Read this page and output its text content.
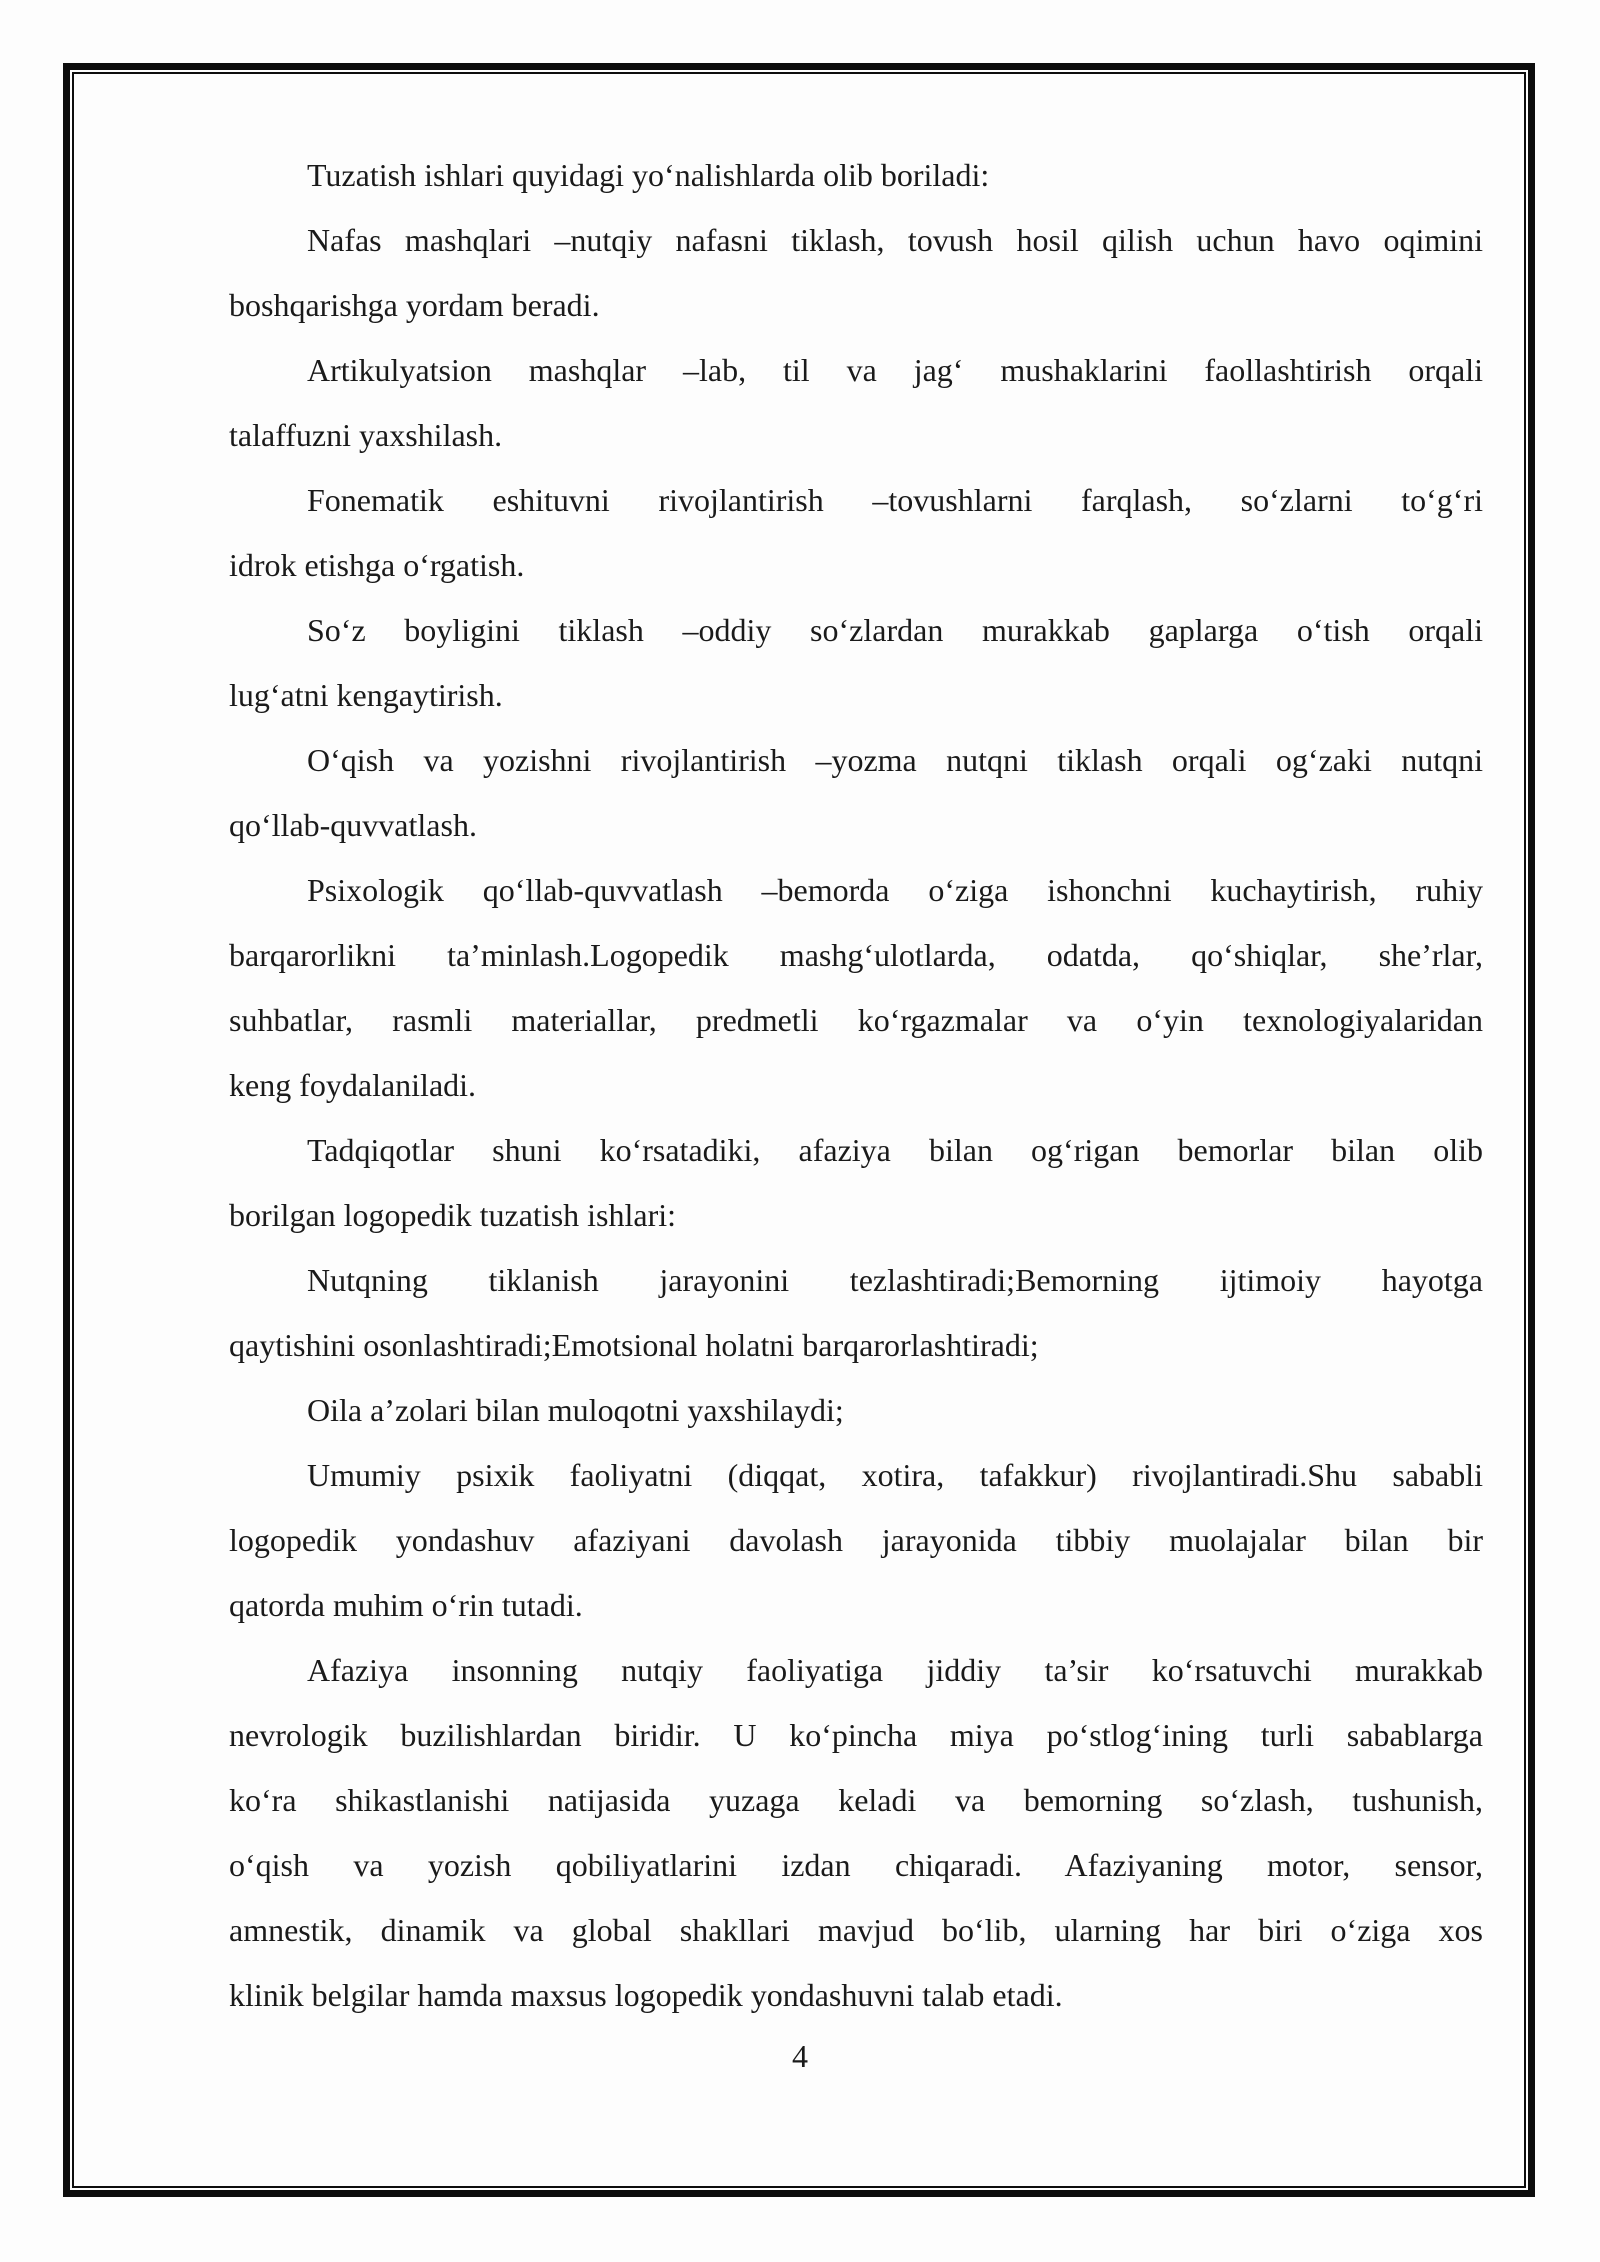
Tuzatish ishlari quyidagi yo‘nalishlarda olib boriladi:
Nafas mashqlari –nutqiy nafasni tiklash, tovush hosil qilish uchun havo oqimini
boshqarishga yordam beradi.
Artikulyatsion mashqlar –lab, til va jag‘ mushaklarini faollashtirish orqali
talaffuzni yaxshilash.
Fonematik eshituvni rivojlantirish –tovushlarni farqlash, so‘zlarni to‘g‘ri
idrok etishga o‘rgatish.
So‘z boyligini tiklash –oddiy so‘zlardan murakkab gaplarga o‘tish orqali
lug‘atni kengaytirish.
O‘qish va yozishni rivojlantirish –yozma nutqni tiklash orqali og‘zaki nutqni
qo‘llab-quvvatlash.
Psixologik qo‘llab-quvvatlash –bemorda o‘ziga ishonchni kuchaytirish, ruhiy
barqarorlikni ta’minlash.Logopedik mashg‘ulotlarda, odatda, qo‘shiqlar, she’rlar,
suhbatlar, rasmli materiallar, predmetli ko‘rgazmalar va o‘yin texnologiyalaridan
keng foydalaniladi.
Tadqiqotlar shuni ko‘rsatadiki, afaziya bilan og‘rigan bemorlar bilan olib
borilgan logopedik tuzatish ishlari:
Nutqning tiklanish jarayonini tezlashtiradi;Bemorning ijtimoiy hayotga
qaytishini osonlashtiradi;Emotsional holatni barqarorlashtiradi;
Oila a’zolari bilan muloqotni yaxshilaydi;
Umumiy psixik faoliyatni (diqqat, xotira, tafakkur) rivojlantiradi.Shu sababli
logopedik yondashuv afaziyani davolash jarayonida tibbiy muolajalar bilan bir
qatorda muhim o‘rin tutadi.
Afaziya insonning nutqiy faoliyatiga jiddiy ta’sir ko‘rsatuvchi murakkab
nevrologik buzilishlardan biridir. U ko‘pincha miya po‘stlog‘ining turli sabablarga
ko‘ra shikastlanishi natijasida yuzaga keladi va bemorning so‘zlash, tushunish,
o‘qish va yozish qobiliyatlarini izdan chiqaradi. Afaziyaning motor, sensor,
amnestik, dinamik va global shakllari mavjud bo‘lib, ularning har biri o‘ziga xos
klinik belgilar hamda maxsus logopedik yondashuvni talab etadi.
4
